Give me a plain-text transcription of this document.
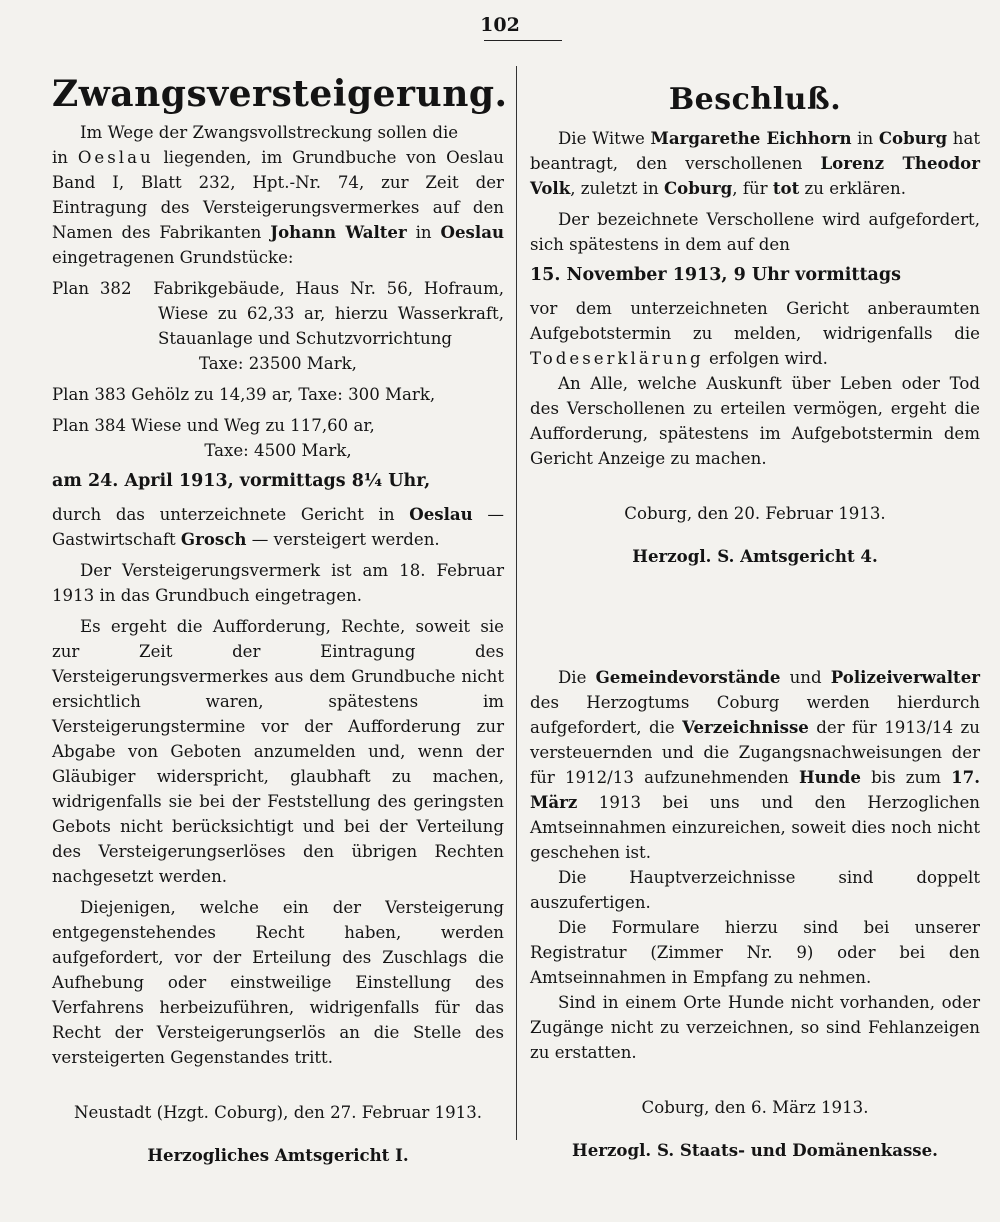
102
Zwangsversteigerung.

Im Wege der Zwangsvollstreckung sollen die

in Oeslau liegenden, im Grundbuche von Oeslau Band I, Blatt 232, Hpt.-Nr. 74, zur Zeit der Eintragung des Versteigerungsvermerkes auf den Namen des Fabrikanten Johann Walter in Oeslau eingetragenen Grundstücke:

Plan 382 Fabrikgebäude, Haus Nr. 56, Hofraum, Wiese zu 62,33 ar, hierzu Wasserkraft, Stauanlage und Schutzvorrichtung

Taxe: 23500 Mark,

Plan 383 Gehölz zu 14,39 ar, Taxe: 300 Mark,

Plan 384 Wiese und Weg zu 117,60 ar,

Taxe: 4500 Mark,

am 24. April 1913, vormittags 8¼ Uhr,

durch das unterzeichnete Gericht in Oeslau — Gastwirtschaft Grosch — versteigert werden.

Der Versteigerungsvermerk ist am 18. Februar 1913 in das Grundbuch eingetragen.

Es ergeht die Aufforderung, Rechte, soweit sie zur Zeit der Eintragung des Versteigerungsvermerkes aus dem Grundbuche nicht ersichtlich waren, spätestens im Versteigerungstermine vor der Aufforderung zur Abgabe von Geboten anzumelden und, wenn der Gläubiger widerspricht, glaubhaft zu machen, widrigenfalls sie bei der Feststellung des geringsten Gebots nicht berücksichtigt und bei der Verteilung des Versteigerungserlöses den übrigen Rechten nachgesetzt werden.

Diejenigen, welche ein der Versteigerung entgegenstehendes Recht haben, werden aufgefordert, vor der Erteilung des Zuschlags die Aufhebung oder einstweilige Einstellung des Verfahrens herbeizuführen, widrigenfalls für das Recht der Versteigerungserlös an die Stelle des versteigerten Gegenstandes tritt.

Neustadt (Hzgt. Coburg), den 27. Februar 1913.

Herzogliches Amtsgericht I.

Beschluß.

Die Witwe Margarethe Eichhorn in Coburg hat beantragt, den verschollenen Lorenz Theodor Volk, zuletzt in Coburg, für tot zu erklären.

Der bezeichnete Verschollene wird aufgefordert, sich spätestens in dem auf den

15. November 1913, 9 Uhr vormittags

vor dem unterzeichneten Gericht anberaumten Aufgebotstermin zu melden, widrigenfalls die Todeserklärung erfolgen wird.

An Alle, welche Auskunft über Leben oder Tod des Verschollenen zu erteilen vermögen, ergeht die Aufforderung, spätestens im Aufgebotstermin dem Gericht Anzeige zu machen.

Coburg, den 20. Februar 1913.

Herzogl. S. Amtsgericht 4.

Die Gemeindevorstände und Polizeiverwalter des Herzogtums Coburg werden hierdurch aufgefordert, die Verzeichnisse der für 1913/14 zu versteuernden und die Zugangsnachweisungen der für 1912/13 aufzunehmenden Hunde bis zum 17. März 1913 bei uns und den Herzoglichen Amtseinnahmen einzureichen, soweit dies noch nicht geschehen ist.

Die Hauptverzeichnisse sind doppelt auszufertigen.

Die Formulare hierzu sind bei unserer Registratur (Zimmer Nr. 9) oder bei den Amtseinnahmen in Empfang zu nehmen.

Sind in einem Orte Hunde nicht vorhanden, oder Zugänge nicht zu verzeichnen, so sind Fehlanzeigen zu erstatten.

Coburg, den 6. März 1913.

Herzogl. S. Staats- und Domänenkasse.
